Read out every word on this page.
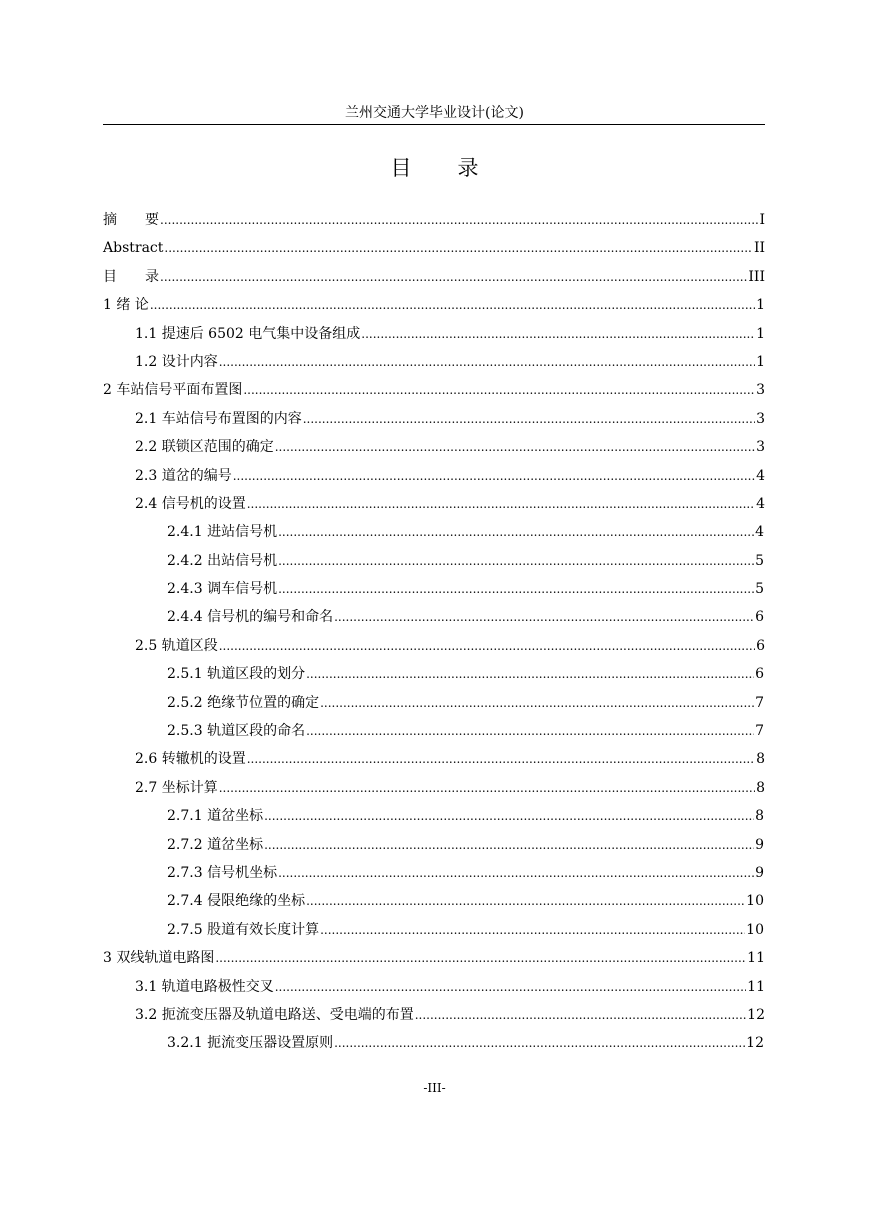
兰州交通大学毕业设计(论文)
目录
摘　　要 .....	I
Abstract .....	II
目　　录 .....	III
1 绪 论 .....	1
1.1 提速后 6502 电气集中设备组成 .....	1
1.2 设计内容 .....	1
2 车站信号平面布置图 .....	3
2.1 车站信号布置图的内容 .....	3
2.2 联锁区范围的确定 .....	3
2.3 道岔的编号 .....	4
2.4 信号机的设置 .....	4
2.4.1 进站信号机 .....	4
2.4.2 出站信号机 .....	5
2.4.3 调车信号机 .....	5
2.4.4 信号机的编号和命名 .....	6
2.5 轨道区段 .....	6
2.5.1 轨道区段的划分 .....	6
2.5.2 绝缘节位置的确定 .....	7
2.5.3 轨道区段的命名 .....	7
2.6 转辙机的设置 .....	8
2.7 坐标计算 .....	8
2.7.1 道岔坐标 .....	8
2.7.2 道岔坐标 .....	9
2.7.3 信号机坐标 .....	9
2.7.4 侵限绝缘的坐标 .....	10
2.7.5 股道有效长度计算 .....	10
3 双线轨道电路图 .....	11
3.1 轨道电路极性交叉 .....	11
3.2 扼流变压器及轨道电路送、受电端的布置 .....	12
3.2.1 扼流变压器设置原则 .....	12
-III-
